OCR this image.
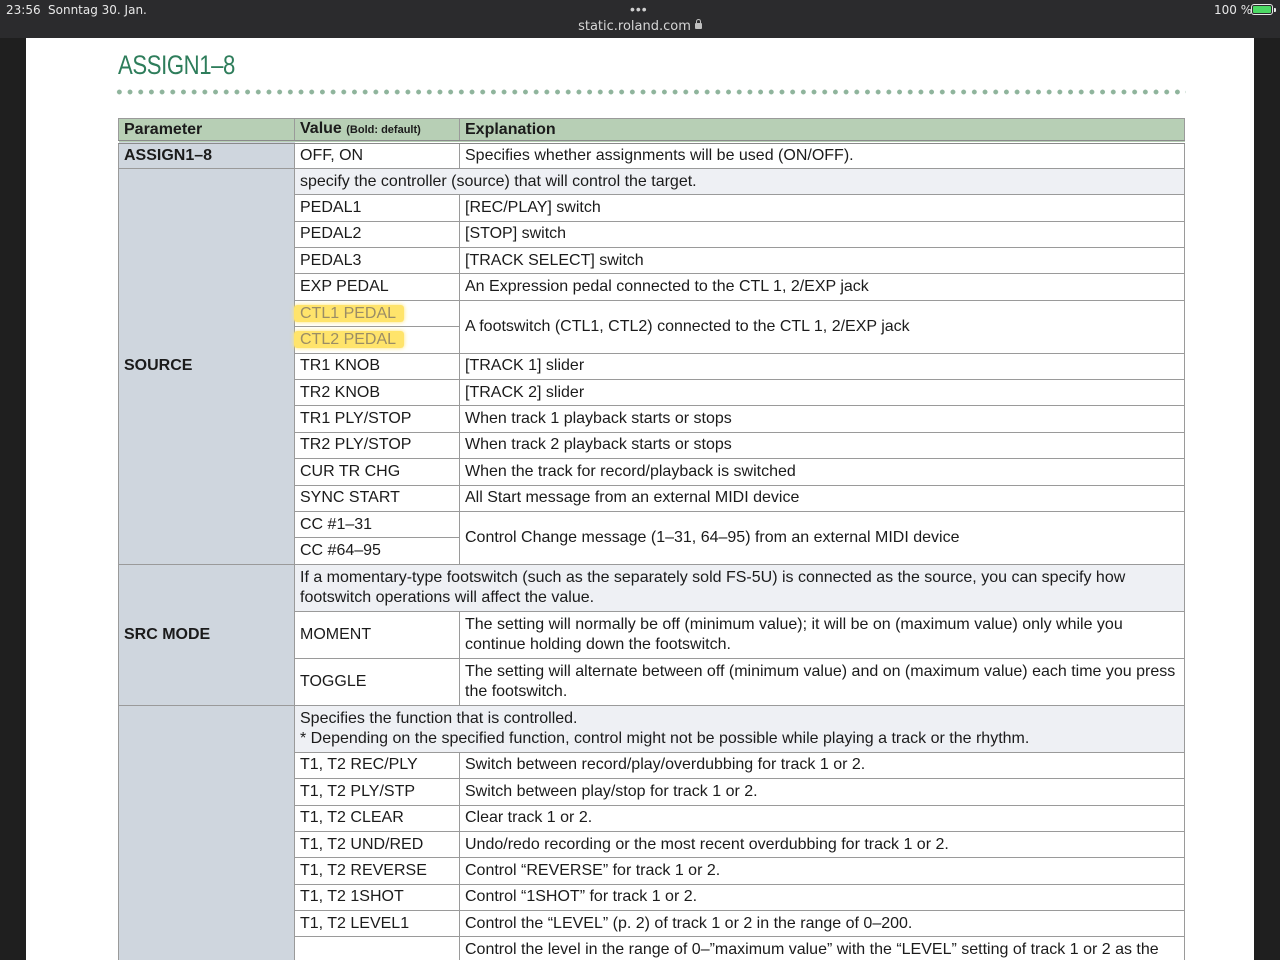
23:56 Sonntag 30. Jan.	•••
static.roland.com
100 %
ASSIGN1–8
Parameter	Value (Bold: default)	Explanation
ASSIGN1–8	OFF, ON	Specifies whether assignments will be used (ON/OFF).
SOURCE	specify the controller (source) that will control the target.	
	PEDAL1	[REC/PLAY] switch
	PEDAL2	[STOP] switch
	PEDAL3	[TRACK SELECT] switch
	EXP PEDAL	An Expression pedal connected to the CTL 1, 2/EXP jack
	CTL1 PEDAL	A footswitch (CTL1, CTL2) connected to the CTL 1, 2/EXP jack
	CTL2 PEDAL	
	TR1 KNOB	[TRACK 1] slider
	TR2 KNOB	[TRACK 2] slider
	TR1 PLY/STOP	When track 1 playback starts or stops
	TR2 PLY/STOP	When track 2 playback starts or stops
	CUR TR CHG	When the track for record/playback is switched
	SYNC START	All Start message from an external MIDI device
	CC #1–31	Control Change message (1–31, 64–95) from an external MIDI device
	CC #64–95	
SRC MODE	If a momentary-type footswitch (such as the separately sold FS-5U) is connected as the source, you can specify how footswitch operations will affect the value.	
	MOMENT	The setting will normally be off (minimum value); it will be on (maximum value) only while you continue holding down the footswitch.
	TOGGLE	The setting will alternate between off (minimum value) and on (maximum value) each time you press the footswitch.

	Specifies the function that is controlled.
* Depending on the specified function, control might not be possible while playing a track or the rhythm.	

	T1, T2 REC/PLY	Switch between record/play/overdubbing for track 1 or 2.
	T1, T2 PLY/STP	Switch between play/stop for track 1 or 2.
	T1, T2 CLEAR	Clear track 1 or 2.
	T1, T2 UND/RED	Undo/redo recording or the most recent overdubbing for track 1 or 2.
	T1, T2 REVERSE	Control “REVERSE” for track 1 or 2.
	T1, T2 1SHOT	Control “1SHOT” for track 1 or 2.
	T1, T2 LEVEL1	Control the “LEVEL” (p. 2) of track 1 or 2 in the range of 0–200.
		Control the level in the range of 0–”maximum value” with the “LEVEL” setting of track 1 or 2 as the
